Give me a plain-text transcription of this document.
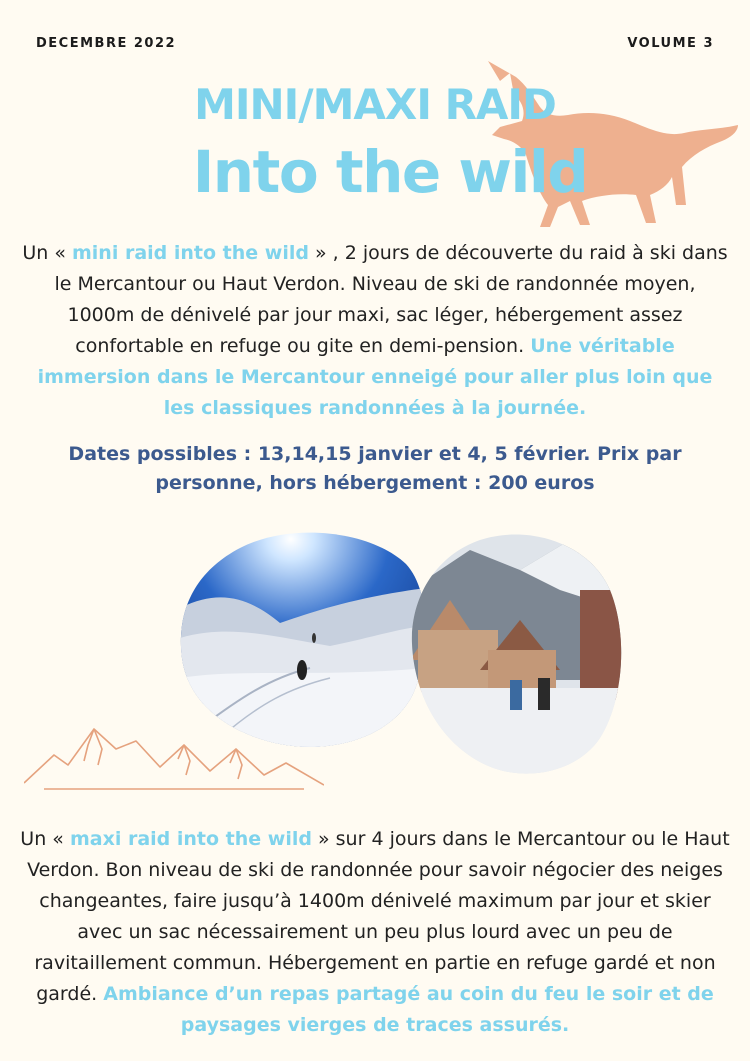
DECEMBRE 2022	VOLUME 3
MINI/MAXI RAID
Into the wild
Un « mini raid into the wild » , 2 jours de découverte du raid à ski dans le Mercantour ou Haut Verdon. Niveau de ski de randonnée moyen, 1000m de dénivelé par jour maxi, sac léger, hébergement assez confortable en refuge ou gite en demi-pension. Une véritable immersion dans le Mercantour enneigé pour aller plus loin que les classiques randonnées à la journée.
Dates possibles : 13,14,15 janvier et 4, 5 février. Prix par personne, hors hébergement : 200 euros
Un « maxi raid into the wild » sur 4 jours dans le Mercantour ou le Haut Verdon. Bon niveau de ski de randonnée pour savoir négocier des neiges changeantes, faire jusqu’à 1400m dénivelé maximum par jour et skier avec un sac nécessairement un peu plus lourd avec un peu de ravitaillement commun. Hébergement en partie en refuge gardé et non gardé. Ambiance d’un repas partagé au coin du feu le soir et de paysages vierges de traces assurés.
